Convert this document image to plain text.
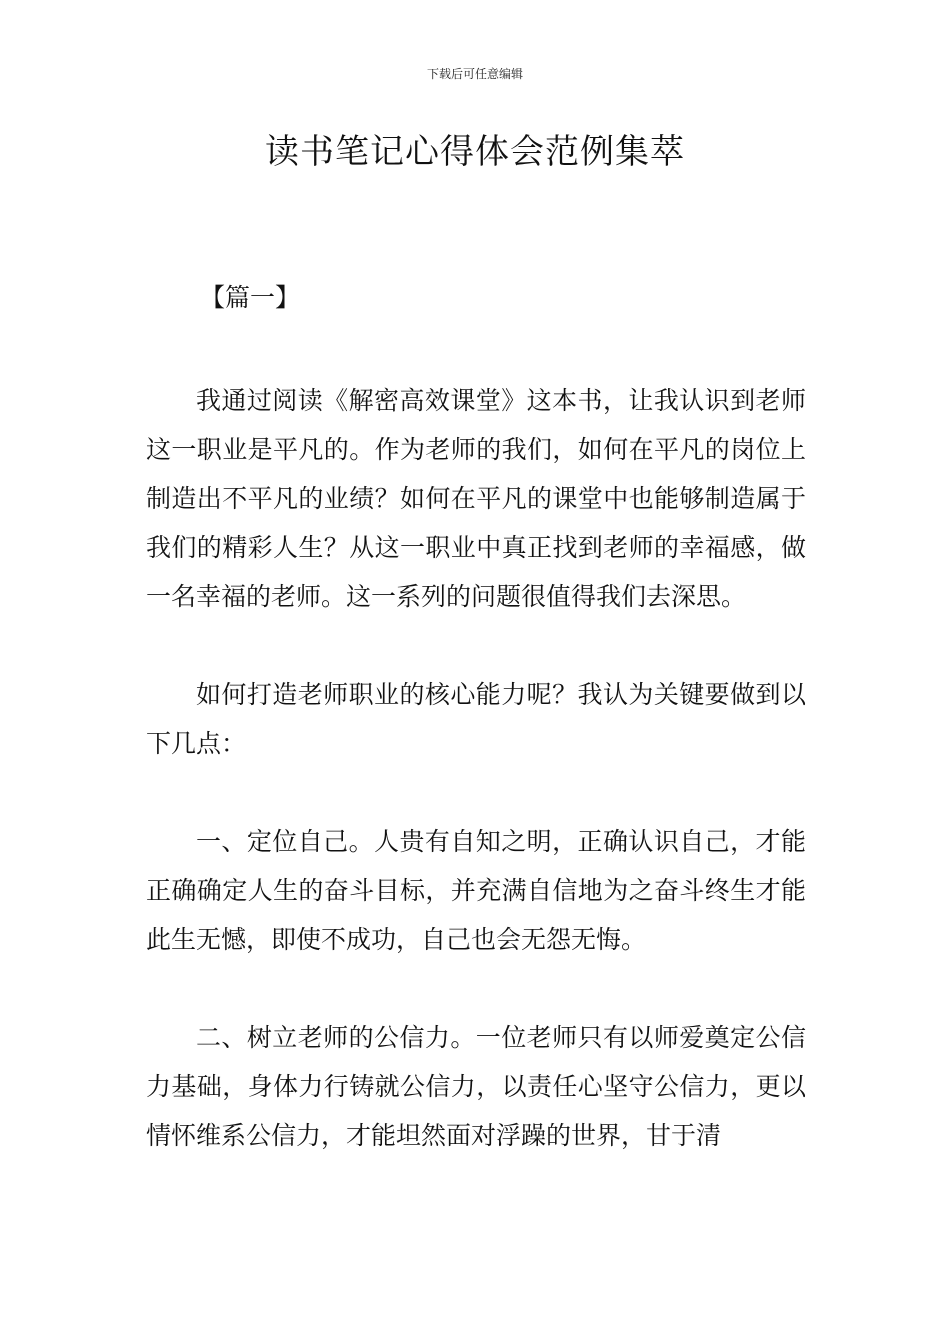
下载后可任意编辑
读书笔记心得体会范例集萃
【篇一】

我通过阅读《解密高效课堂》这本书，让我认识到老师这一职业是平凡的。作为老师的我们，如何在平凡的岗位上制造出不平凡的业绩？如何在平凡的课堂中也能够制造属于我们的精彩人生？从这一职业中真正找到老师的幸福感，做一名幸福的老师。这一系列的问题很值得我们去深思。

如何打造老师职业的核心能力呢？我认为关键要做到以下几点：

一、定位自己。人贵有自知之明，正确认识自己，才能正确确定人生的奋斗目标，并充满自信地为之奋斗终生才能此生无憾，即使不成功，自己也会无怨无悔。

二、树立老师的公信力。一位老师只有以师爱奠定公信力基础，身体力行铸就公信力，以责任心坚守公信力，更以情怀维系公信力，才能坦然面对浮躁的世界，甘于清
